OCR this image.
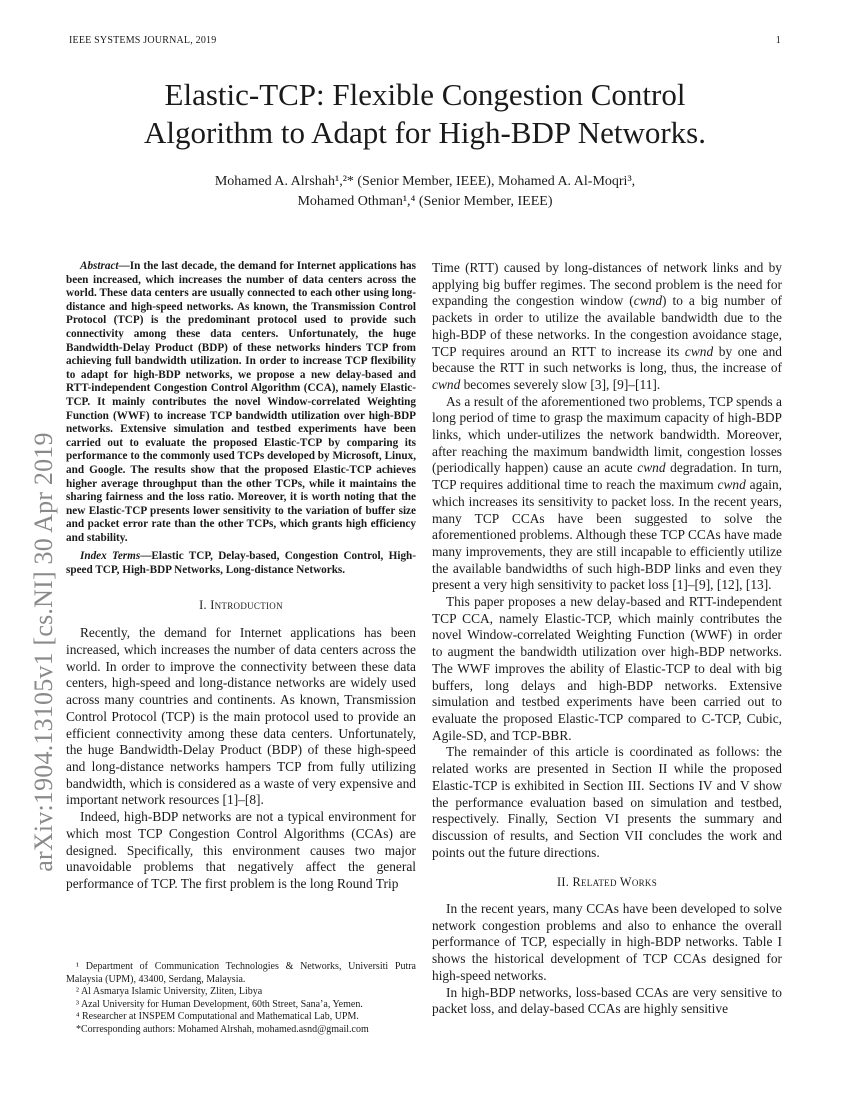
IEEE SYSTEMS JOURNAL, 2019	1
arXiv:1904.13105v1 [cs.NI] 30 Apr 2019
Elastic-TCP: Flexible Congestion Control
Algorithm to Adapt for High-BDP Networks.
Mohamed A. Alrshah¹,²* (Senior Member, IEEE), Mohamed A. Al-Moqri³,
Mohamed Othman¹,⁴ (Senior Member, IEEE)

Abstract—In the last decade, the demand for Internet applications has been increased, which increases the number of data centers across the world. These data centers are usually connected to each other using long-distance and high-speed networks. As known, the Transmission Control Protocol (TCP) is the predominant protocol used to provide such connectivity among these data centers. Unfortunately, the huge Bandwidth-Delay Product (BDP) of these networks hinders TCP from achieving full bandwidth utilization. In order to increase TCP flexibility to adapt for high-BDP networks, we propose a new delay-based and RTT-independent Congestion Control Algorithm (CCA), namely Elastic-TCP. It mainly contributes the novel Window-correlated Weighting Function (WWF) to increase TCP bandwidth utilization over high-BDP networks. Extensive simulation and testbed experiments have been carried out to evaluate the proposed Elastic-TCP by comparing its performance to the commonly used TCPs developed by Microsoft, Linux, and Google. The results show that the proposed Elastic-TCP achieves higher average throughput than the other TCPs, while it maintains the sharing fairness and the loss ratio. Moreover, it is worth noting that the new Elastic-TCP presents lower sensitivity to the variation of buffer size and packet error rate than the other TCPs, which grants high efficiency and stability.

Index Terms—Elastic TCP, Delay-based, Congestion Control, High-speed TCP, High-BDP Networks, Long-distance Networks.

I. Introduction

Recently, the demand for Internet applications has been increased, which increases the number of data centers across the world. In order to improve the connectivity between these data centers, high-speed and long-distance networks are widely used across many countries and continents. As known, Transmission Control Protocol (TCP) is the main protocol used to provide an efficient connectivity among these data centers. Unfortunately, the huge Bandwidth-Delay Product (BDP) of these high-speed and long-distance networks hampers TCP from fully utilizing bandwidth, which is considered as a waste of very expensive and important network resources [1]–[8].

Indeed, high-BDP networks are not a typical environment for which most TCP Congestion Control Algorithms (CCAs) are designed. Specifically, this environment causes two major unavoidable problems that negatively affect the general performance of TCP. The first problem is the long Round Trip

Time (RTT) caused by long-distances of network links and by applying big buffer regimes. The second problem is the need for expanding the congestion window (cwnd) to a big number of packets in order to utilize the available bandwidth due to the high-BDP of these networks. In the congestion avoidance stage, TCP requires around an RTT to increase its cwnd by one and because the RTT in such networks is long, thus, the increase of cwnd becomes severely slow [3], [9]–[11].

As a result of the aforementioned two problems, TCP spends a long period of time to grasp the maximum capacity of high-BDP links, which under-utilizes the network bandwidth. Moreover, after reaching the maximum bandwidth limit, congestion losses (periodically happen) cause an acute cwnd degradation. In turn, TCP requires additional time to reach the maximum cwnd again, which increases its sensitivity to packet loss. In the recent years, many TCP CCAs have been suggested to solve the aforementioned problems. Although these TCP CCAs have made many improvements, they are still incapable to efficiently utilize the available bandwidths of such high-BDP links and even they present a very high sensitivity to packet loss [1]–[9], [12], [13].

This paper proposes a new delay-based and RTT-independent TCP CCA, namely Elastic-TCP, which mainly contributes the novel Window-correlated Weighting Function (WWF) in order to augment the bandwidth utilization over high-BDP networks. The WWF improves the ability of Elastic-TCP to deal with big buffers, long delays and high-BDP networks. Extensive simulation and testbed experiments have been carried out to evaluate the proposed Elastic-TCP compared to C-TCP, Cubic, Agile-SD, and TCP-BBR.

The remainder of this article is coordinated as follows: the related works are presented in Section II while the proposed Elastic-TCP is exhibited in Section III. Sections IV and V show the performance evaluation based on simulation and testbed, respectively. Finally, Section VI presents the summary and discussion of results, and Section VII concludes the work and points out the future directions.

II. Related Works

In the recent years, many CCAs have been developed to solve network congestion problems and also to enhance the overall performance of TCP, especially in high-BDP networks. Table I shows the historical development of TCP CCAs designed for high-speed networks.

In high-BDP networks, loss-based CCAs are very sensitive to packet loss, and delay-based CCAs are highly sensitive

¹ Department of Communication Technologies & Networks, Universiti Putra Malaysia (UPM), 43400, Serdang, Malaysia.

² Al Asmarya Islamic University, Zliten, Libya

³ Azal University for Human Development, 60th Street, Sana’a, Yemen.

⁴ Researcher at INSPEM Computational and Mathematical Lab, UPM.

*Corresponding authors: Mohamed Alrshah, mohamed.asnd@gmail.com
